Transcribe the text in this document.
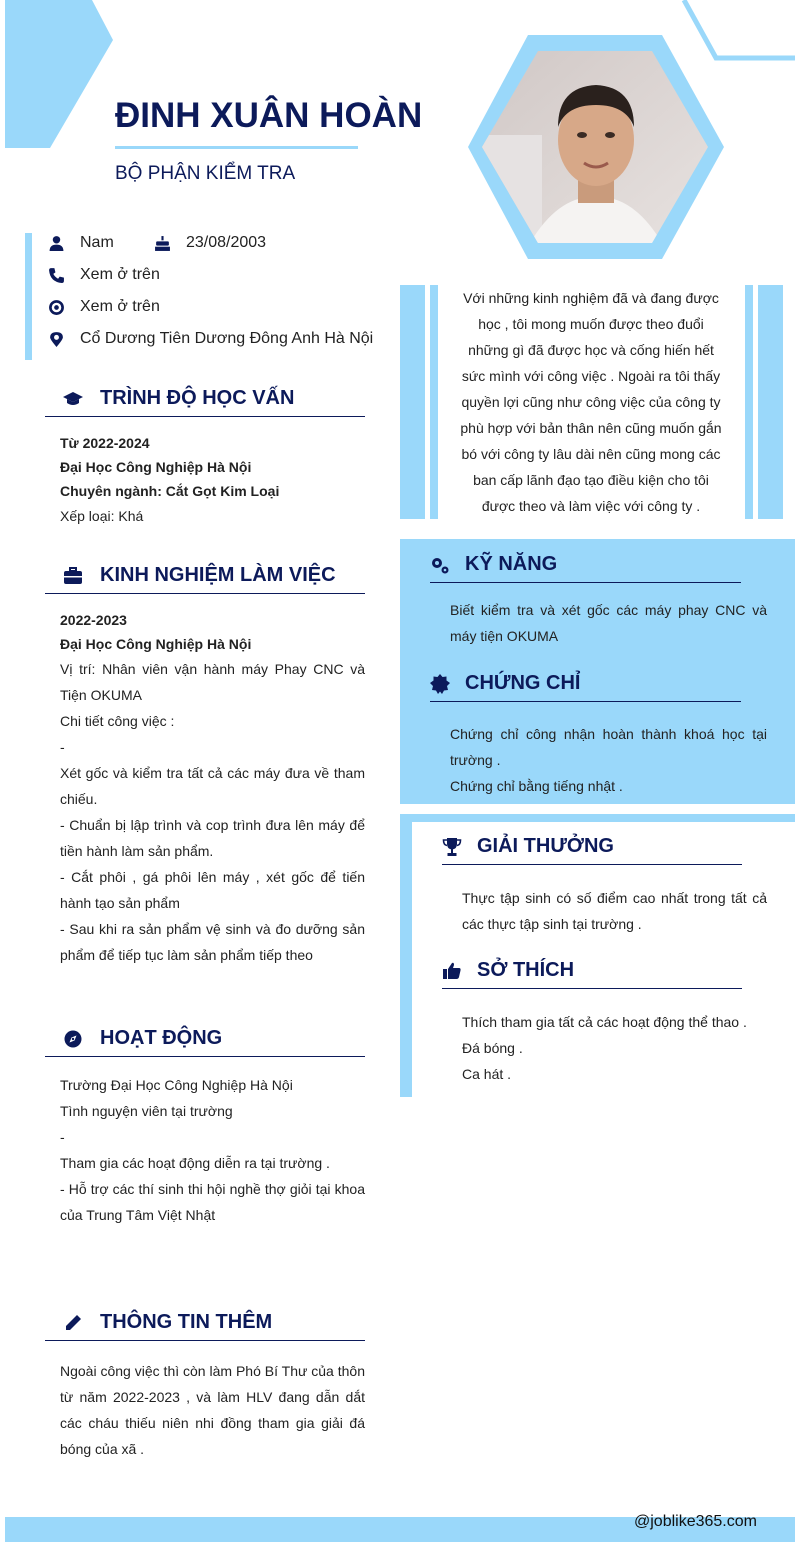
ĐINH XUÂN HOÀN
BỘ PHẬN KIỂM TRA
Nam	23/08/2003
Xem ở trên
Xem ở trên
Cổ Dương Tiên Dương Đông Anh Hà Nội
TRÌNH ĐỘ HỌC VẤN
Từ 2022-2024
Đại Học Công Nghiệp Hà Nội
Chuyên ngành: Cắt Gọt Kim Loại
Xếp loại: Khá
KINH NGHIỆM LÀM VIỆC
2022-2023
Đại Học Công Nghiệp Hà Nội
Vị trí: Nhân viên vận hành máy Phay CNC và Tiện OKUMA
Chi tiết công việc :
-
Xét gốc và kiểm tra tất cả các máy đưa về tham chiếu.
- Chuẩn bị lập trình và cop trình đưa lên máy để tiền hành làm sản phẩm.
- Cắt phôi , gá phôi lên máy , xét gốc để tiến hành tạo sản phẩm
- Sau khi ra sản phẩm vệ sinh và đo dưỡng sản phẩm để tiếp tục làm sản phẩm tiếp theo
HOẠT ĐỘNG
Trường Đại Học Công Nghiệp Hà Nội
Tình nguyện viên tại trường
-
Tham gia các hoạt động diễn ra tại trường .
- Hỗ trợ các thí sinh thi hội nghề thợ giỏi tại khoa của Trung Tâm Việt Nhật
THÔNG TIN THÊM
Ngoài công việc thì còn làm Phó Bí Thư của thôn từ năm 2022-2023 , và làm HLV đang dẫn dắt các cháu thiếu niên nhi đồng tham gia giải đá bóng của xã .
Với những kinh nghiệm đã và đang được học , tôi mong muốn được theo đuổi những gì đã được học và cống hiến hết sức mình với công việc . Ngoài ra tôi thấy quyền lợi cũng như công việc của công ty phù hợp với bản thân nên cũng muốn gắn bó với công ty lâu dài nên cũng mong các ban cấp lãnh đạo tạo điều kiện cho tôi được theo và làm việc với công ty .
KỸ NĂNG
Biết kiểm tra và xét gốc các máy phay CNC và máy tiện OKUMA
CHỨNG CHỈ
Chứng chỉ công nhận hoàn thành khoá học tại trường .
Chứng chỉ bằng tiếng nhật .
GIẢI THƯỞNG
Thực tập sinh có số điểm cao nhất trong tất cả các thực tập sinh tại trường .
SỞ THÍCH
Thích tham gia tất cả các hoạt động thể thao .
Đá bóng .
Ca hát .
@joblike365.com
